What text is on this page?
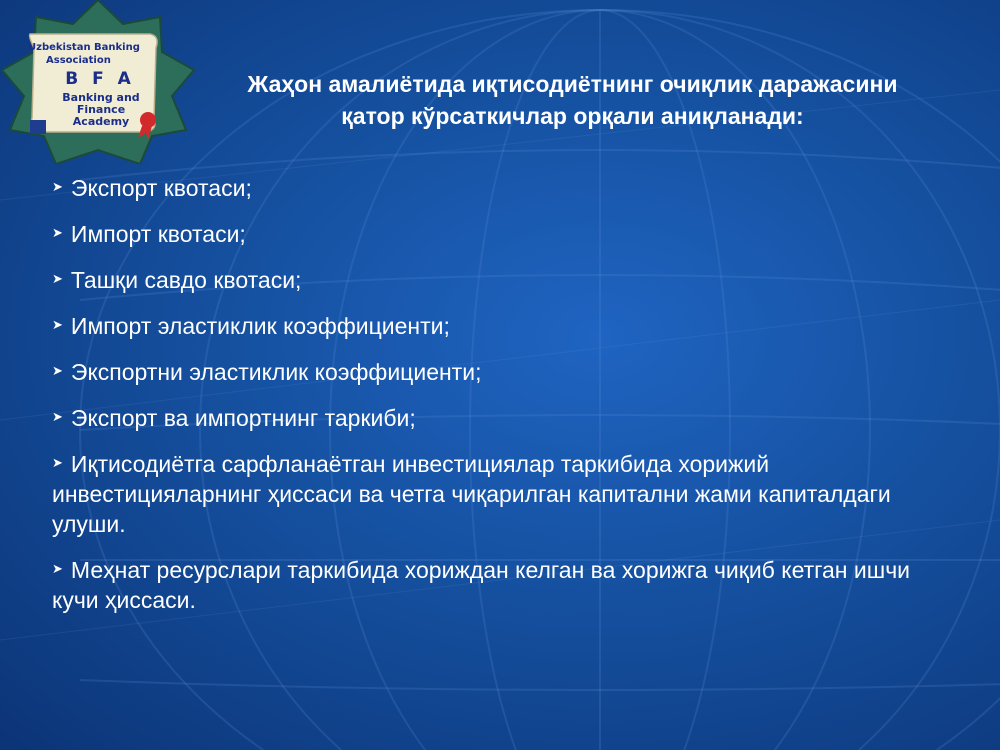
Uzbekistan Banking
Association
B F A
Banking and Finance Academy
Жаҳон амалиётида иқтисодиётнинг очиқлик даражасини қатор кўрсаткичлар орқали аниқланади:
➤ Экспорт квотаси;
➤ Импорт квотаси;
➤ Ташқи савдо квотаси;
➤ Импорт эластиклик коэффициенти;
➤ Экспортни эластиклик коэффициенти;
➤ Экспорт ва импортнинг таркиби;
➤ Иқтисодиётга сарфланаётган инвестициялар таркибида хорижий инвестицияларнинг ҳиссаси ва четга чиқарилган капитални жами капиталдаги улуши.
➤ Меҳнат ресурслари таркибида хориждан келган ва хорижга чиқиб кетган ишчи кучи ҳиссаси.
